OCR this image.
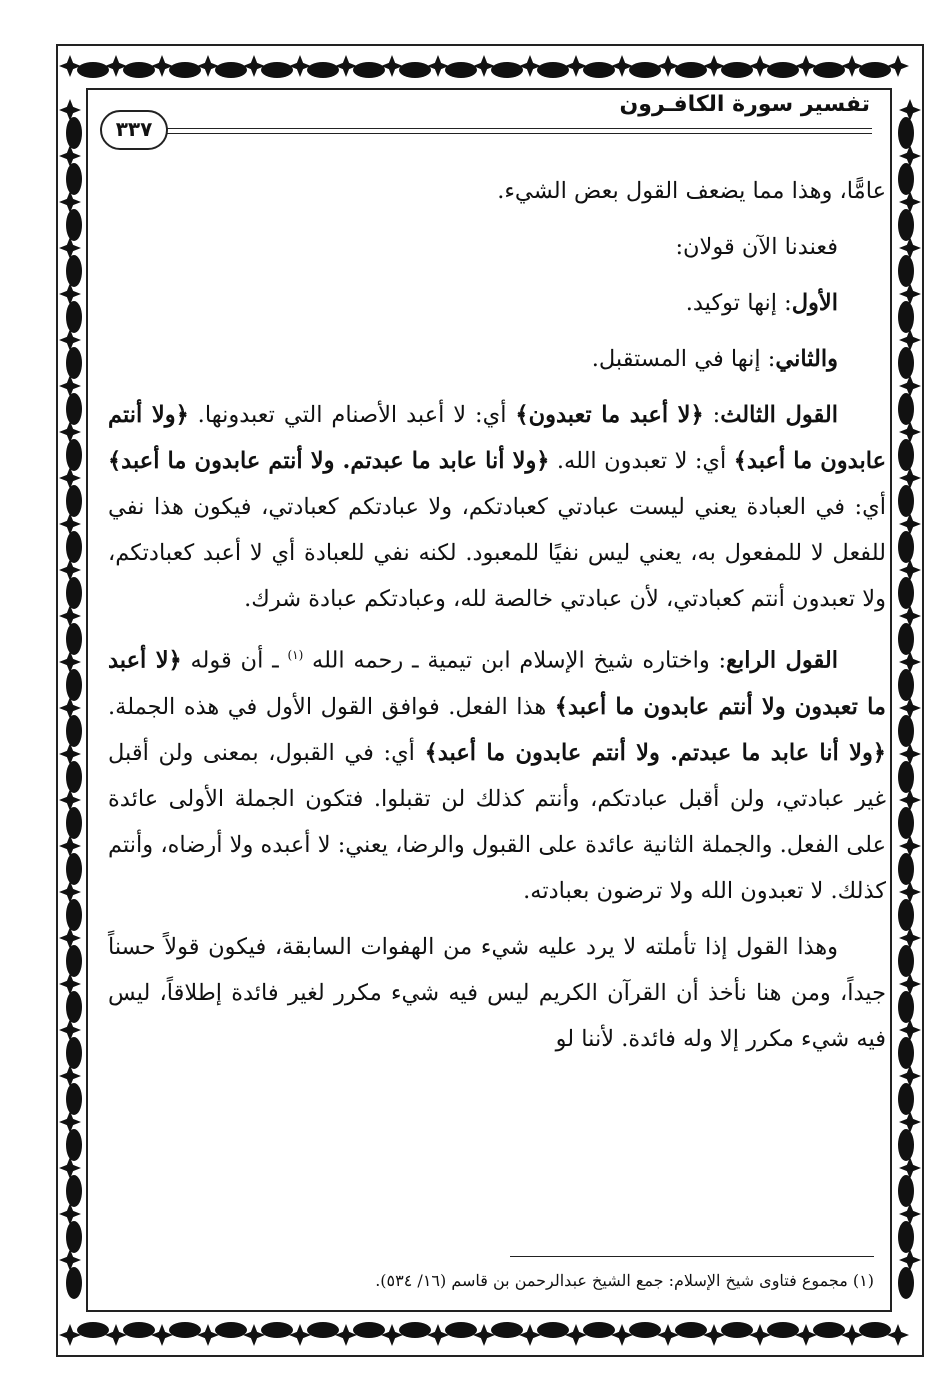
تفسير سورة الكافـرون
٣٣٧

عامًّا، وهذا مما يضعف القول بعض الشيء.

فعندنا الآن قولان:

الأول: إنها توكيد.

والثاني: إنها في المستقبل.

القول الثالث: ﴿لا أعبد ما تعبدون﴾ أي: لا أعبد الأصنام التي تعبدونها. ﴿ولا أنتم عابدون ما أعبد﴾ أي: لا تعبدون الله. ﴿ولا أنا عابد ما عبدتم. ولا أنتم عابدون ما أعبد﴾ أي: في العبادة يعني ليست عبادتي كعبادتكم، ولا عبادتكم كعبادتي، فيكون هذا نفي للفعل لا للمفعول به، يعني ليس نفيًا للمعبود. لكنه نفي للعبادة أي لا أعبد كعبادتكم، ولا تعبدون أنتم كعبادتي، لأن عبادتي خالصة لله، وعبادتكم عبادة شرك.

القول الرابع: واختاره شيخ الإسلام ابن تيمية ـ رحمه الله $^{(١)}$ ـ أن قوله ﴿لا أعبد ما تعبدون ولا أنتم عابدون ما أعبد﴾ هذا الفعل. فوافق القول الأول في هذه الجملة. ﴿ولا أنا عابد ما عبدتم. ولا أنتم عابدون ما أعبد﴾ أي: في القبول، بمعنى ولن أقبل غير عبادتي، ولن أقبل عبادتكم، وأنتم كذلك لن تقبلوا. فتكون الجملة الأولى عائدة على الفعل. والجملة الثانية عائدة على القبول والرضا، يعني: لا أعبده ولا أرضاه، وأنتم كذلك. لا تعبدون الله ولا ترضون بعبادته.

وهذا القول إذا تأملته لا يرد عليه شيء من الهفوات السابقة، فيكون قولاً حسناً جيداً، ومن هنا نأخذ أن القرآن الكريم ليس فيه شيء مكرر لغير فائدة إطلاقاً، ليس فيه شيء مكرر إلا وله فائدة. لأننا لو

(١) مجموع فتاوى شيخ الإسلام: جمع الشيخ عبدالرحمن بن قاسم (١٦/ ٥٣٤).
